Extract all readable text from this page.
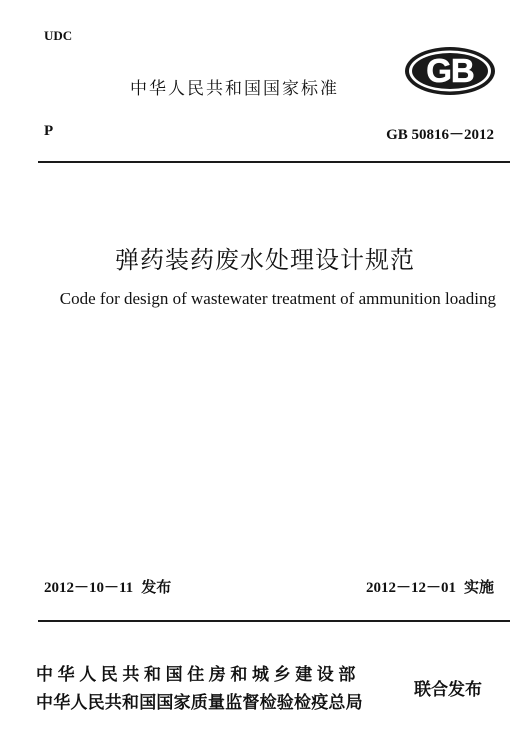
UDC
中华人民共和国国家标准	GB
P	GB 50816－2012
弹药装药废水处理设计规范
Code for design of wastewater treatment of ammunition loading
2012－10－11 发布	2012－12－01 实施
中华人民共和国住房和城乡建设部
中华人民共和国国家质量监督检验检疫总局
联合发布
